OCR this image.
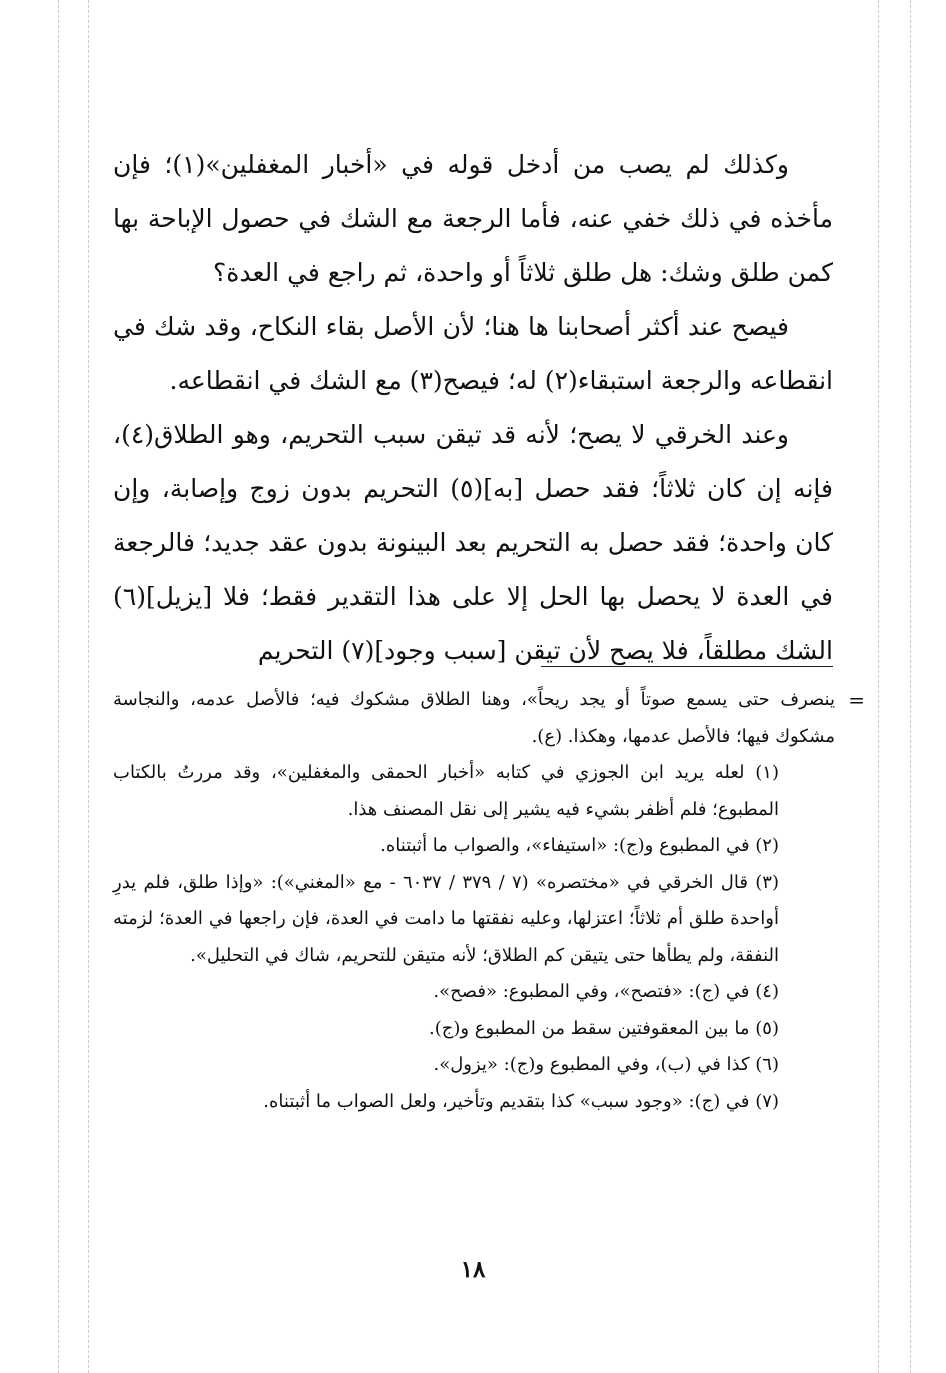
وكذلك لم يصب من أدخل قوله في «أخبار المغفلين»(١)؛ فإن مأخذه في ذلك خفي عنه، فأما الرجعة مع الشك في حصول الإباحة بها كمن طلق وشك: هل طلق ثلاثاً أو واحدة، ثم راجع في العدة؟

فيصح عند أكثر أصحابنا ها هنا؛ لأن الأصل بقاء النكاح، وقد شك في انقطاعه والرجعة استبقاء(٢) له؛ فيصح(٣) مع الشك في انقطاعه.

وعند الخرقي لا يصح؛ لأنه قد تيقن سبب التحريم، وهو الطلاق(٤)، فإنه إن كان ثلاثاً؛ فقد حصل [به](٥) التحريم بدون زوج وإصابة، وإن كان واحدة؛ فقد حصل به التحريم بعد البينونة بدون عقد جديد؛ فالرجعة في العدة لا يحصل بها الحل إلا على هذا التقدير فقط؛ فلا [يزيل](٦) الشك مطلقاً، فلا يصح لأن تيقن [سبب وجود](٧) التحريم

=
ينصرف حتى يسمع صوتاً أو يجد ريحاً»، وهنا الطلاق مشكوك فيه؛ فالأصل عدمه، والنجاسة مشكوك فيها؛ فالأصل عدمها، وهكذا. (ع).

(١) لعله يريد ابن الجوزي في كتابه «أخبار الحمقى والمغفلين»، وقد مررتُ بالكتاب المطبوع؛ فلم أظفر بشيء فيه يشير إلى نقل المصنف هذا.

(٢) في المطبوع و(ج): «استيفاء»، والصواب ما أثبتناه.

(٣) قال الخرقي في «مختصره» (٧ / ٣٧٩ / ٦٠٣٧ - مع «المغني»): «وإذا طلق، فلم يدرِ أواحدة طلق أم ثلاثاً؛ اعتزلها، وعليه نفقتها ما دامت في العدة، فإن راجعها في العدة؛ لزمته النفقة، ولم يطأها حتى يتيقن كم الطلاق؛ لأنه متيقن للتحريم، شاك في التحليل».

(٤) في (ج): «فتصح»، وفي المطبوع: «فصح».

(٥) ما بين المعقوفتين سقط من المطبوع و(ج).

(٦) كذا في (ب)، وفي المطبوع و(ج): «يزول».

(٧) في (ج): «وجود سبب» كذا بتقديم وتأخير، ولعل الصواب ما أثبتناه.

١٨
